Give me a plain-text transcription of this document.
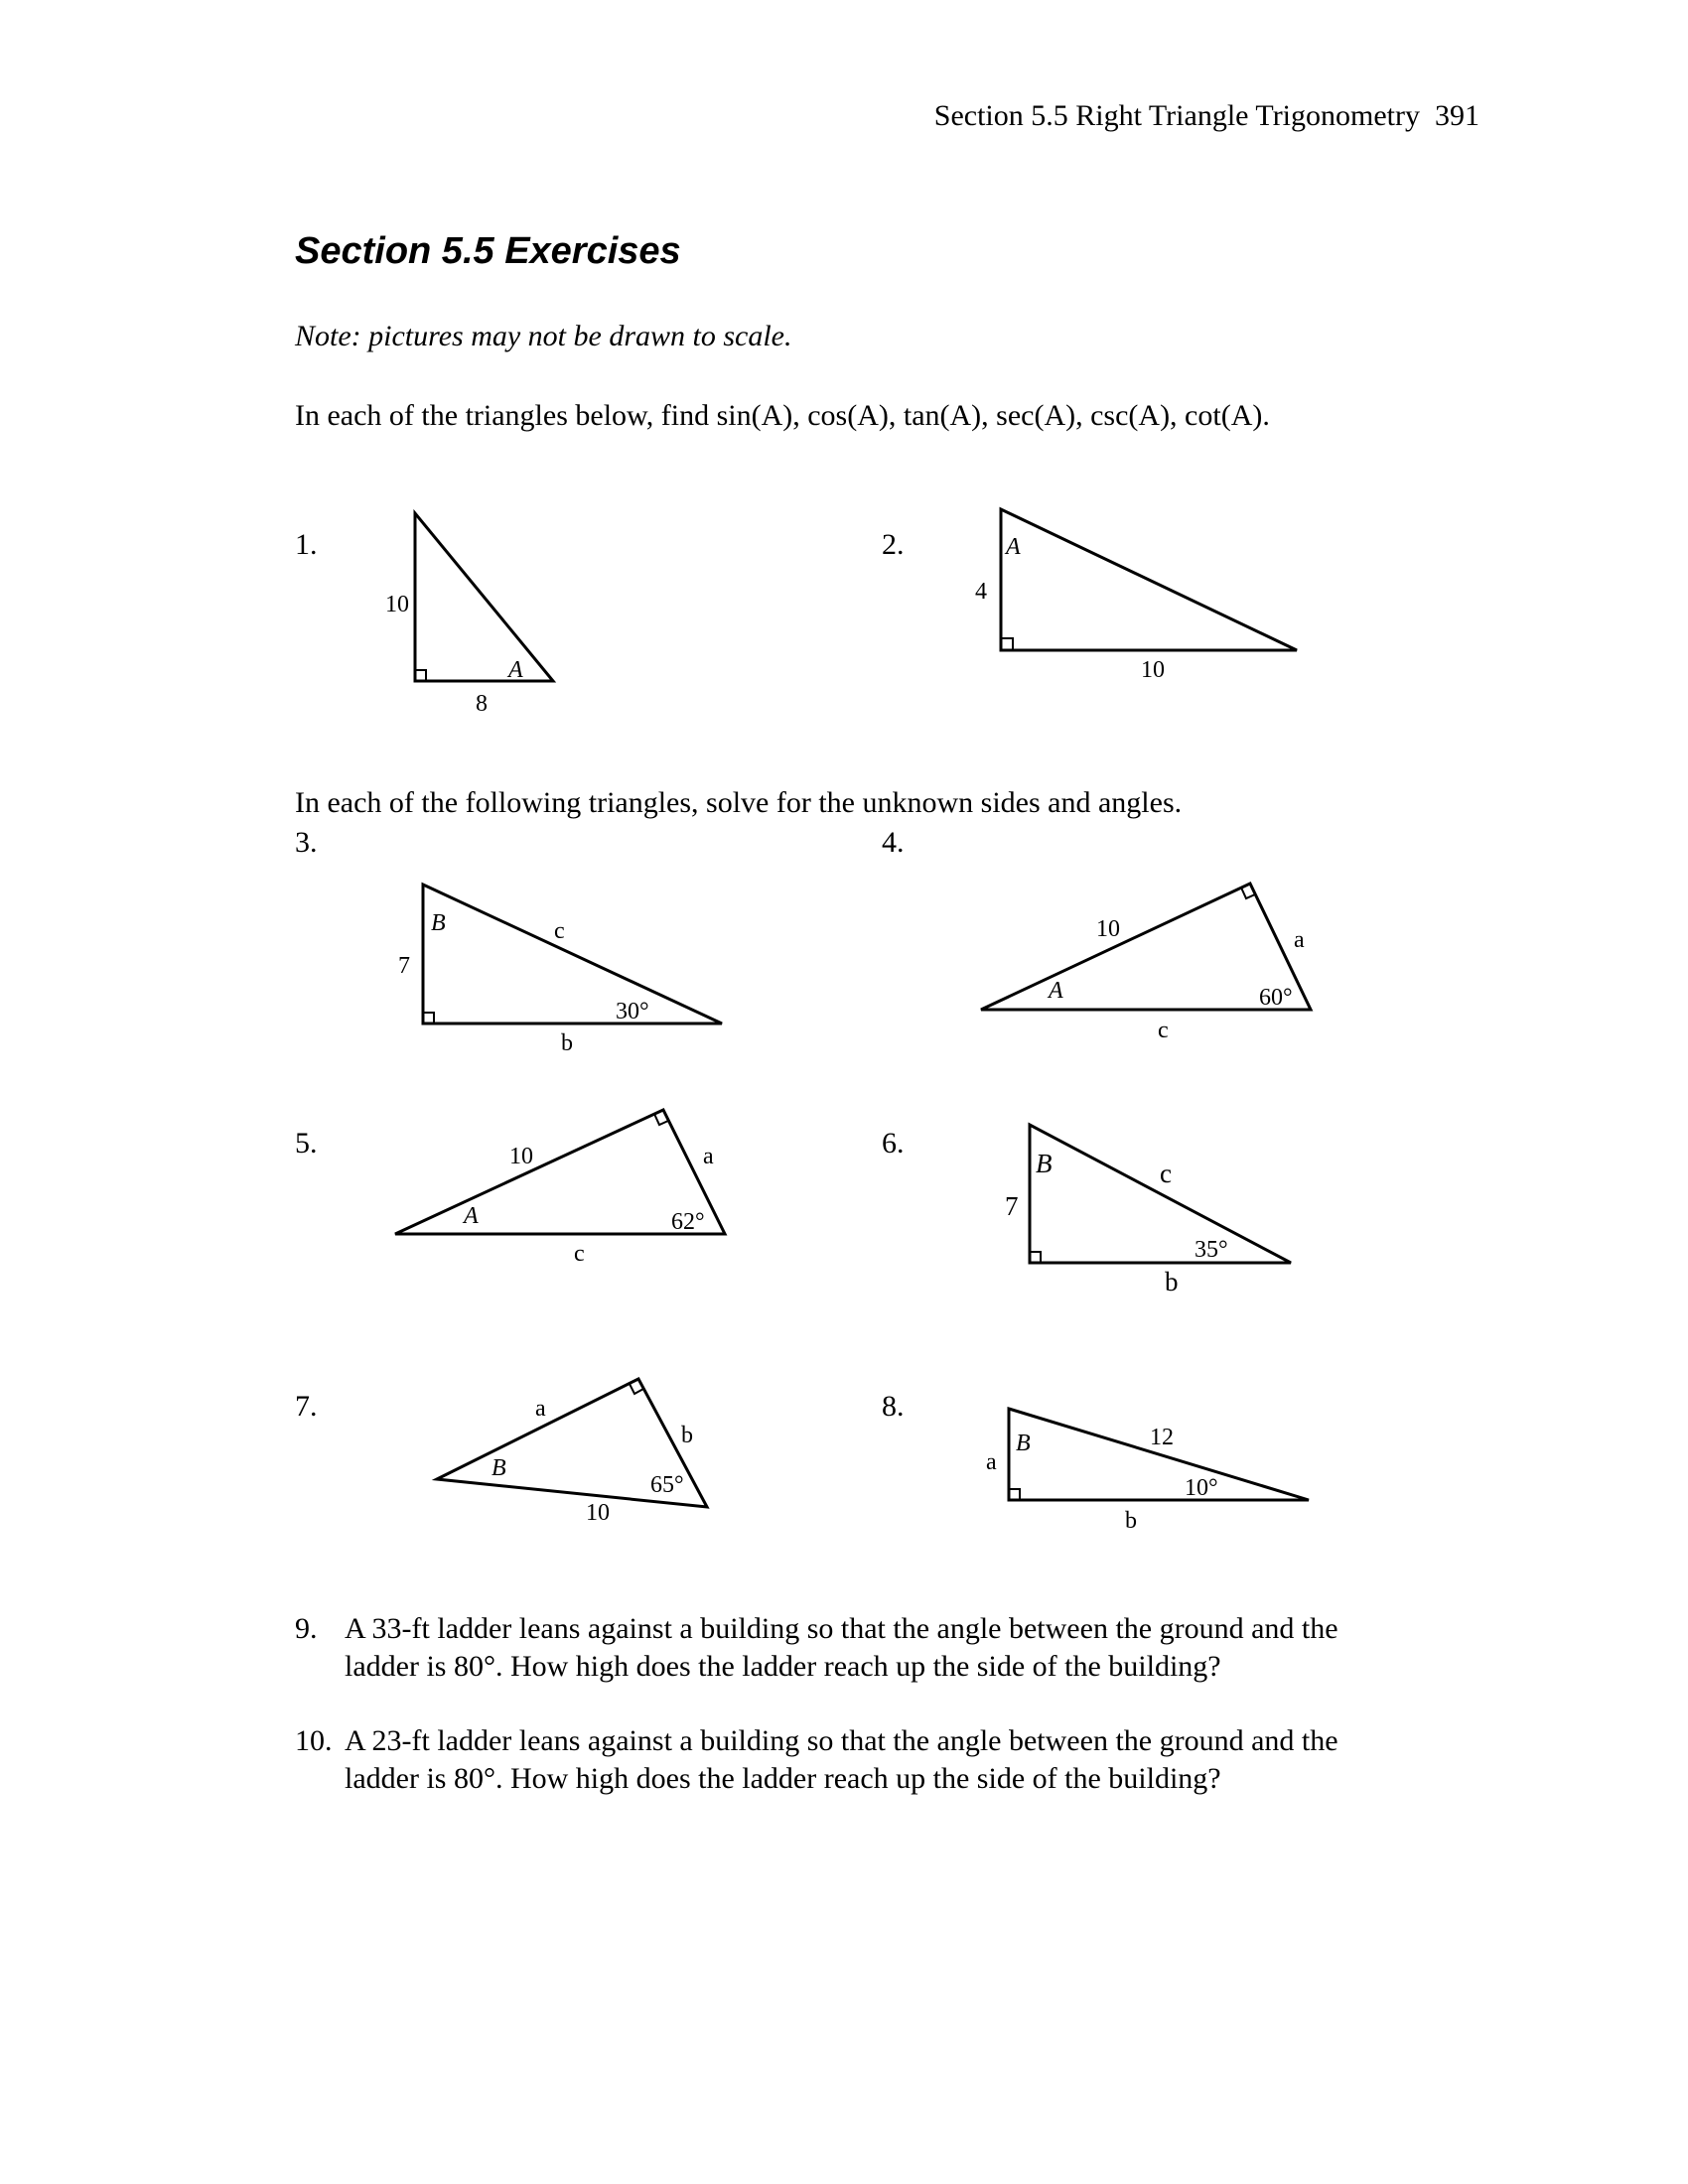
Section 5.5 Right Triangle Trigonometry 391
Section 5.5 Exercises
Note: pictures may not be drawn to scale.
In each of the triangles below, find sin(A), cos(A), tan(A), sec(A), csc(A), cot(A).
In each of the following triangles, solve for the unknown sides and angles.
1.	2.
3.	4.
5.	6.
7.	8.
10
A
8
A
4
10
B	c
7
30°
b
10	a
A	60°
c
10	a
A	62°
c
B	c
7
35°
b
a
b
B
65°
10
B	12
a
10°
b
9. A 33-ft ladder leans against a building so that the angle between the ground and the
ladder is 80°. How high does the ladder reach up the side of the building?
10. A 23-ft ladder leans against a building so that the angle between the ground and the
ladder is 80°. How high does the ladder reach up the side of the building?
